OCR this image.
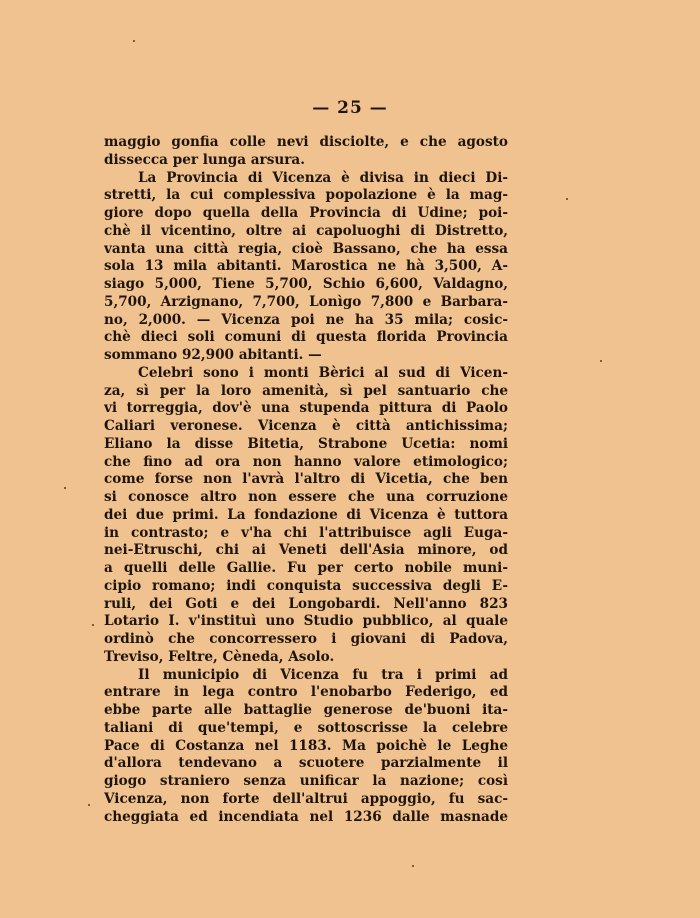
— 25 —
maggio gonfia colle nevi disciolte, e che agosto
dissecca per lunga arsura.
La Provincia di Vicenza è divisa in dieci Di-
stretti, la cui complessiva popolazione è la mag-
giore dopo quella della Provincia di Udine; poi-
chè il vicentino, oltre ai capoluoghi di Distretto,
vanta una città regia, cioè Bassano, che ha essa
sola 13 mila abitanti. Marostica ne hà 3,500, A-
siago 5,000, Tiene 5,700, Schio 6,600, Valdagno,
5,700, Arzignano, 7,700, Lonìgo 7,800 e Barbara-
no, 2,000. — Vicenza poi ne ha 35 mila; cosic-
chè dieci soli comuni di questa florida Provincia
sommano 92,900 abitanti. —
Celebri sono i monti Bèrici al sud di Vicen-
za, sì per la loro amenità, sì pel santuario che
vi torreggia, dov'è una stupenda pittura di Paolo
Caliari veronese. Vicenza è città antichissima;
Eliano la disse Bitetia, Strabone Ucetia: nomi
che fino ad ora non hanno valore etimologico;
come forse non l'avrà l'altro di Vicetia, che ben
si conosce altro non essere che una corruzione
dei due primi. La fondazione di Vicenza è tuttora
in contrasto; e v'ha chi l'attribuisce agli Euga-
nei-Etruschi, chi ai Veneti dell'Asia minore, od
a quelli delle Gallie. Fu per certo nobile muni-
cipio romano; indi conquista successiva degli E-
ruli, dei Goti e dei Longobardi. Nell'anno 823
Lotario I. v'instituì uno Studio pubblico, al quale
ordinò che concorressero i giovani di Padova,
Treviso, Feltre, Cèneda, Asolo.
Il municipio di Vicenza fu tra i primi ad
entrare in lega contro l'enobarbo Federigo, ed
ebbe parte alle battaglie generose de'buoni ita-
taliani di que'tempi, e sottoscrisse la celebre
Pace di Costanza nel 1183. Ma poichè le Leghe
d'allora tendevano a scuotere parzialmente il
giogo straniero senza unificar la nazione; così
Vicenza, non forte dell'altrui appoggio, fu sac-
cheggiata ed incendiata nel 1236 dalle masnade
